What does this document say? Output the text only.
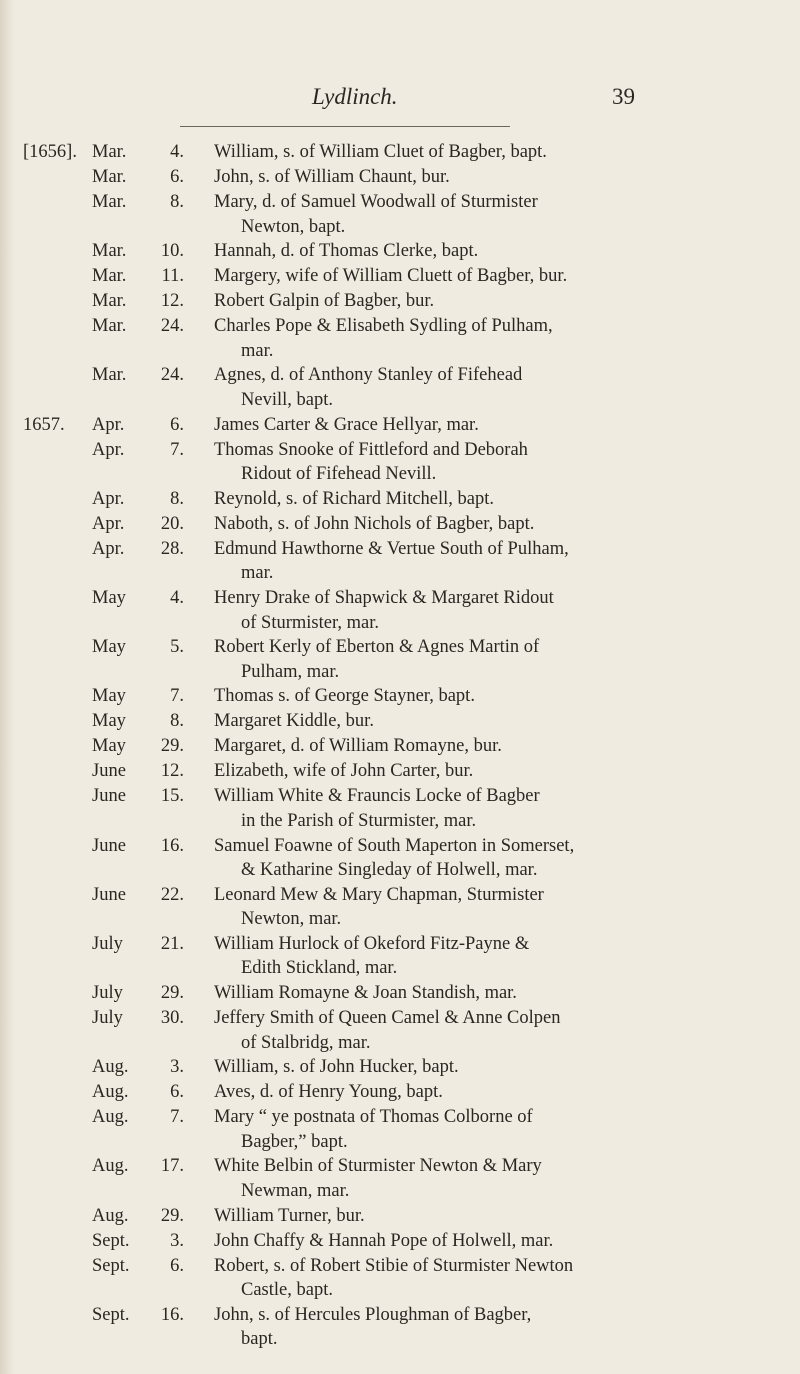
Lydlinch.	39
[1656]. Mar.	4. William, s. of William Cluet of Bagber, bapt.
Mar.	6. John, s. of William Chaunt, bur.
Mar.	8. Mary, d. of Samuel Woodwall of Sturmister
Newton, bapt.
Mar.	10. Hannah, d. of Thomas Clerke, bapt.
Mar.	11. Margery, wife of William Cluett of Bagber, bur.
Mar.	12. Robert Galpin of Bagber, bur.
Mar.	24. Charles Pope & Elisabeth Sydling of Pulham,
mar.
Mar.	24. Agnes, d. of Anthony Stanley of Fifehead
Nevill, bapt.
1657. Apr.	6. James Carter & Grace Hellyar, mar.
Apr.	7. Thomas Snooke of Fittleford and Deborah
Ridout of Fifehead Nevill.
Apr.	8. Reynold, s. of Richard Mitchell, bapt.
Apr.	20. Naboth, s. of John Nichols of Bagber, bapt.
Apr.	28. Edmund Hawthorne & Vertue South of Pulham,
mar.
May	4. Henry Drake of Shapwick & Margaret Ridout
of Sturmister, mar.
May	5. Robert Kerly of Eberton & Agnes Martin of
Pulham, mar.
May	7. Thomas s. of George Stayner, bapt.
May	8. Margaret Kiddle, bur.
May	29. Margaret, d. of William Romayne, bur.
June	12. Elizabeth, wife of John Carter, bur.
June	15. William White & Frauncis Locke of Bagber
in the Parish of Sturmister, mar.
June	16. Samuel Foawne of South Maperton in Somerset,
& Katharine Singleday of Holwell, mar.
June	22. Leonard Mew & Mary Chapman, Sturmister
Newton, mar.
July	21. William Hurlock of Okeford Fitz-Payne &
Edith Stickland, mar.
July	29. William Romayne & Joan Standish, mar.
July	30. Jeffery Smith of Queen Camel & Anne Colpen
of Stalbridg, mar.
Aug.	3. William, s. of John Hucker, bapt.
Aug.	6. Aves, d. of Henry Young, bapt.
Aug.	7. Mary “ ye postnata of Thomas Colborne of
Bagber,” bapt.
Aug.	17. White Belbin of Sturmister Newton & Mary
Newman, mar.
Aug.	29. William Turner, bur.
Sept.	3. John Chaffy & Hannah Pope of Holwell, mar.
Sept.	6. Robert, s. of Robert Stibie of Sturmister Newton
Castle, bapt.
Sept.	16. John, s. of Hercules Ploughman of Bagber,
bapt.
